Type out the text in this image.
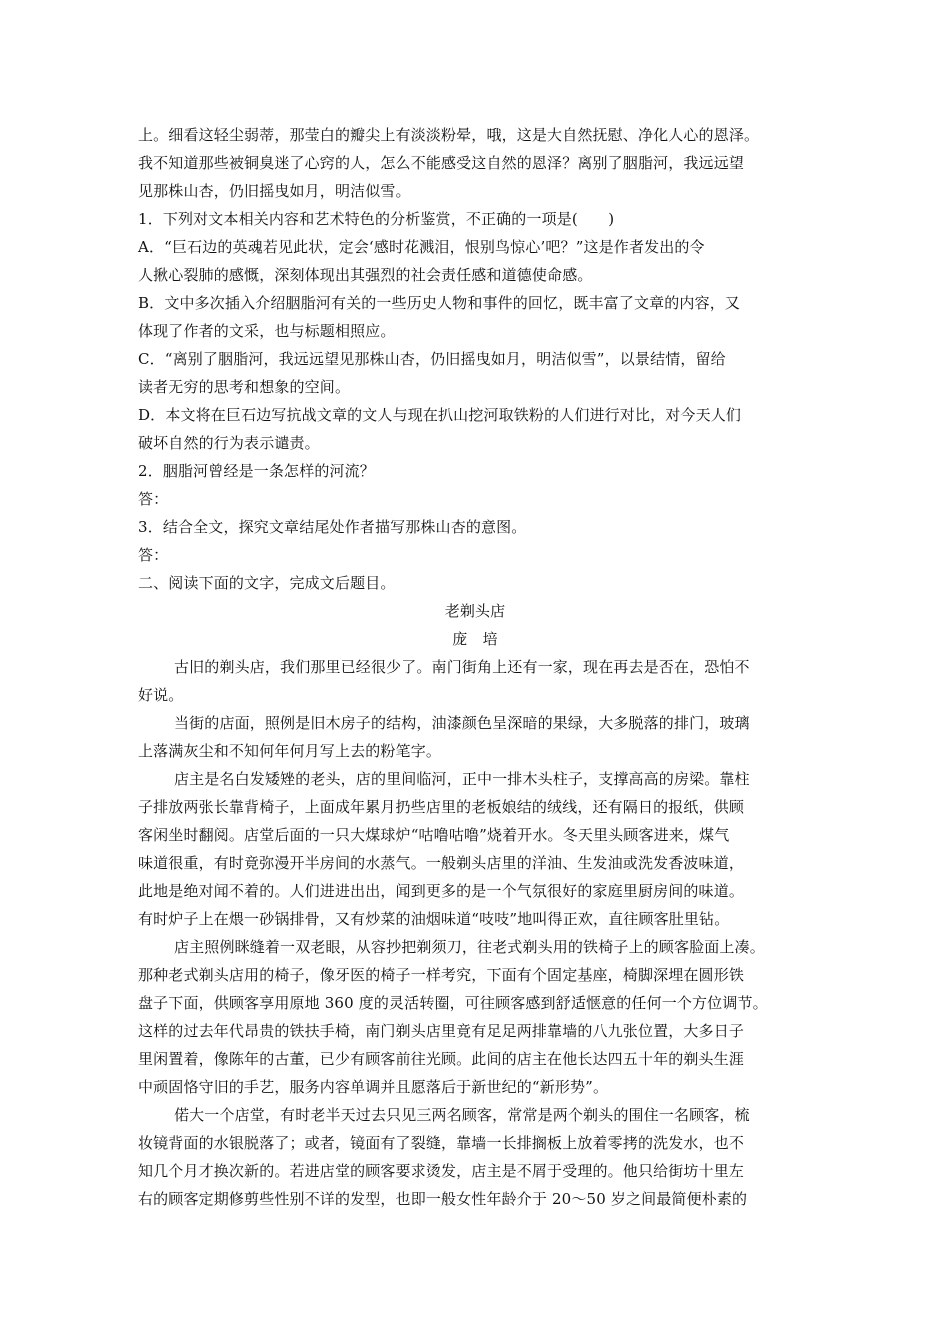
上。细看这轻尘弱蒂，那莹白的瓣尖上有淡淡粉晕，哦，这是大自然抚慰、净化人心的恩泽。
我不知道那些被铜臭迷了心窍的人，怎么不能感受这自然的恩泽？离别了胭脂河，我远远望
见那株山杏，仍旧摇曳如月，明洁似雪。
1．下列对文本相关内容和艺术特色的分析鉴赏，不正确的一项是(　　)
A．“巨石边的英魂若见此状，定会‘感时花溅泪，恨别鸟惊心’吧？”这是作者发出的令
人揪心裂肺的感慨，深刻体现出其强烈的社会责任感和道德使命感。
B．文中多次插入介绍胭脂河有关的一些历史人物和事件的回忆，既丰富了文章的内容，又
体现了作者的文采，也与标题相照应。
C．“离别了胭脂河，我远远望见那株山杏，仍旧摇曳如月，明洁似雪”，以景结情，留给
读者无穷的思考和想象的空间。
D．本文将在巨石边写抗战文章的文人与现在扒山挖河取铁粉的人们进行对比，对今天人们
破坏自然的行为表示谴责。
2．胭脂河曾经是一条怎样的河流？
答：
3．结合全文，探究文章结尾处作者描写那株山杏的意图。
答：
二、阅读下面的文字，完成文后题目。
老剃头店
庞　培
古旧的剃头店，我们那里已经很少了。南门街角上还有一家，现在再去是否在，恐怕不
好说。
当街的店面，照例是旧木房子的结构，油漆颜色呈深暗的果绿，大多脱落的排门，玻璃
上落满灰尘和不知何年何月写上去的粉笔字。
店主是名白发矮矬的老头，店的里间临河，正中一排木头柱子，支撑高高的房梁。靠柱
子排放两张长靠背椅子，上面成年累月扔些店里的老板娘结的绒线，还有隔日的报纸，供顾
客闲坐时翻阅。店堂后面的一只大煤球炉“咕噜咕噜”烧着开水。冬天里头顾客进来，煤气
味道很重，有时竟弥漫开半房间的水蒸气。一般剃头店里的洋油、生发油或洗发香波味道，
此地是绝对闻不着的。人们进进出出，闻到更多的是一个气氛很好的家庭里厨房间的味道。
有时炉子上在煨一砂锅排骨，又有炒菜的油烟味道“吱吱”地叫得正欢，直往顾客肚里钻。
店主照例眯缝着一双老眼，从容抄把剃须刀，往老式剃头用的铁椅子上的顾客脸面上凑。
那种老式剃头店用的椅子，像牙医的椅子一样考究，下面有个固定基座，椅脚深埋在圆形铁
盘子下面，供顾客享用原地 360 度的灵活转圈，可往顾客感到舒适惬意的任何一个方位调节。
这样的过去年代昂贵的铁扶手椅，南门剃头店里竟有足足两排靠墙的八九张位置，大多日子
里闲置着，像陈年的古董，已少有顾客前往光顾。此间的店主在他长达四五十年的剃头生涯
中顽固恪守旧的手艺，服务内容单调并且愿落后于新世纪的“新形势”。
偌大一个店堂，有时老半天过去只见三两名顾客，常常是两个剃头的围住一名顾客，梳
妆镜背面的水银脱落了；或者，镜面有了裂缝，靠墙一长排搁板上放着零拷的洗发水，也不
知几个月才换次新的。若进店堂的顾客要求烫发，店主是不屑于受理的。他只给街坊十里左
右的顾客定期修剪些性别不详的发型，也即一般女性年龄介于 20～50 岁之间最简便朴素的
